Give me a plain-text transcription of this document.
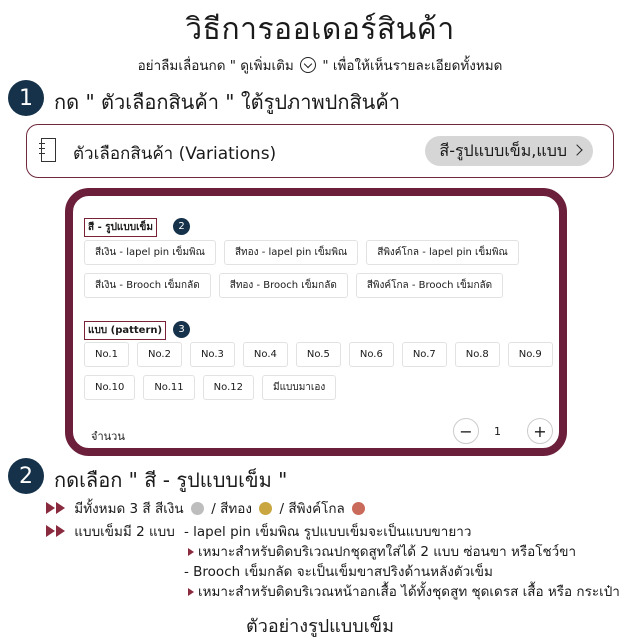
วิธีการออเดอร์สินค้า
อย่าลืมเลื่อนกด " ดูเพิ่มเติม " เพื่อให้เห็นรายละเอียดทั้งหมด
1	กด " ตัวเลือกสินค้า " ใต้รูปภาพปกสินค้า
ตัวเลือกสินค้า (Variations)	สี-รูปแบบเข็ม,แบบ
สี - รูปแบบเข็ม	2
สีเงิน - lapel pin เข็มพิณ	สีทอง - lapel pin เข็มพิณ	สีพิงค์โกล - lapel pin เข็มพิณ
สีเงิน - Brooch เข็มกลัด	สีทอง - Brooch เข็มกลัด	สีพิงค์โกล - Brooch เข็มกลัด
แบบ (pattern)	3
No.1	No.2	No.3	No.4	No.5	No.6	No.7	No.8	No.9
No.10	No.11	No.12	มีแบบมาเอง
จำนวน	−	1	+
2	กดเลือก " สี - รูปแบบเข็ม "
มีทั้งหมด 3 สี สีเงิน / สีทอง / สีพิงค์โกล
แบบเข็มมี 2 แบบ - lapel pin เข็มพิณ รูปแบบเข็มจะเป็นแบบขายาว
เหมาะสำหรับติดบริเวณปกชุดสูทใส่ได้ 2 แบบ ซ่อนขา หรือโชว์ขา
- Brooch เข็มกลัด จะเป็นเข็มขาสปริงด้านหลังตัวเข็ม
เหมาะสำหรับติดบริเวณหน้าอกเสื้อ ได้ทั้งชุดสูท ชุดเดรส เสื้อ หรือ กระเป๋า
ตัวอย่างรูปแบบเข็ม
